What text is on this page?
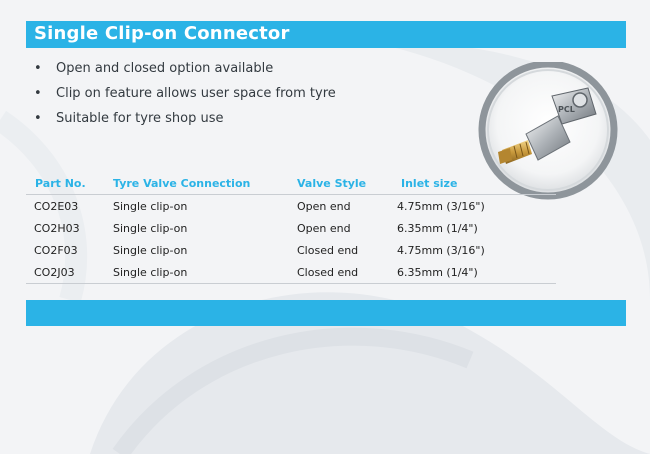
Single Clip-on Connector
•	Open and closed option available
•	Clip on feature allows user space from tyre
•	Suitable for tyre shop use
PCL
Part No.	Tyre Valve Connection	Valve Style	Inlet size
CO2E03	Single clip-on	Open end	4.75mm (3/16")
CO2H03	Single clip-on	Open end	6.35mm (1/4")
CO2F03	Single clip-on	Closed end	4.75mm (3/16")
CO2J03	Single clip-on	Closed end	6.35mm (1/4")
